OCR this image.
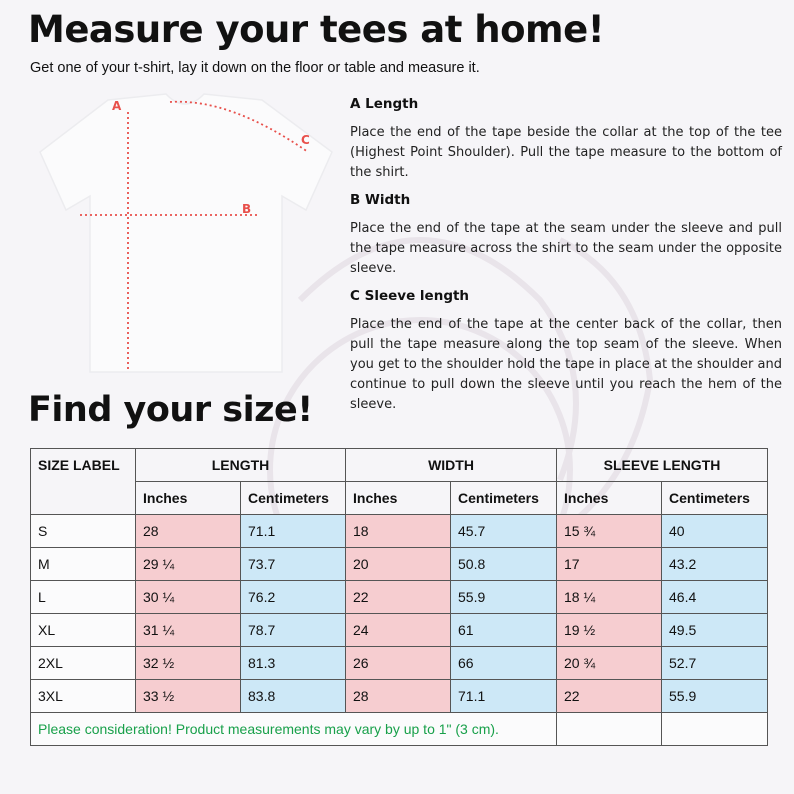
Measure your tees at home!
Get one of your t-shirt, lay it down on the floor or table and measure it.
A
B
C
A Length

Place the end of the tape beside the collar at the top of the tee (Highest Point Shoulder). Pull the tape measure to the bottom of the shirt.

B Width

Place the end of the tape at the seam under the sleeve and pull the tape measure across the shirt to the seam under the opposite sleeve.

C Sleeve length

Place the end of the tape at the center back of the collar, then pull the tape measure along the top seam of the sleeve. When you get to the shoulder hold the tape in place at the shoulder and continue to pull down the sleeve until you reach the hem of the sleeve.

Find your size!
SIZE LABEL	LENGTH		WIDTH		SLEEVE LENGTH	
	Inches	Centimeters	Inches	Centimeters	Inches	Centimeters
S	28	71.1	18	45.7	15 ¾	40
M	29 ¼	73.7	20	50.8	17	43.2
L	30 ¼	76.2	22	55.9	18 ¼	46.4
XL	31 ¼	78.7	24	61	19 ½	49.5
2XL	32 ½	81.3	26	66	20 ¾	52.7
3XL	33 ½	83.8	28	71.1	22	55.9
Please consideration! Product measurements may vary by up to 1" (3 cm).						
